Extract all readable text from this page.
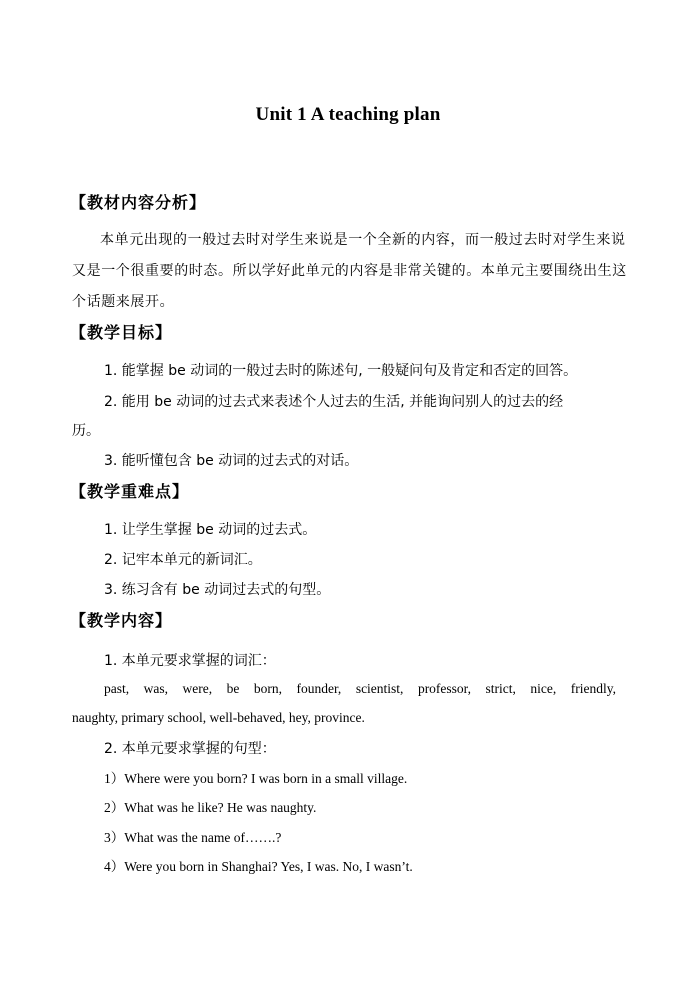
Unit 1 A teaching plan
【教材内容分析】
本单元出现的一般过去时对学生来说是一个全新的内容，而一般过去时对学生来说又是一个很重要的时态。所以学好此单元的内容是非常关键的。本单元主要围绕出生这个话题来展开。
【教学目标】
1. 能掌握 be 动词的一般过去时的陈述句, 一般疑问句及肯定和否定的回答。
2. 能用 be 动词的过去式来表述个人过去的生活, 并能询问别人的过去的经
历。
3. 能听懂包含 be 动词的过去式的对话。
【教学重难点】
1. 让学生掌握 be 动词的过去式。
2. 记牢本单元的新词汇。
3. 练习含有 be 动词过去式的句型。
【教学内容】
1. 本单元要求掌握的词汇：
past, was, were, be born, founder, scientist, professor, strict, nice, friendly,
naughty, primary school, well-behaved, hey, province.
2. 本单元要求掌握的句型：
1）Where were you born? I was born in a small village.
2）What was he like? He was naughty.
3）What was the name of…….?
4）Were you born in Shanghai? Yes, I was. No, I wasn’t.
